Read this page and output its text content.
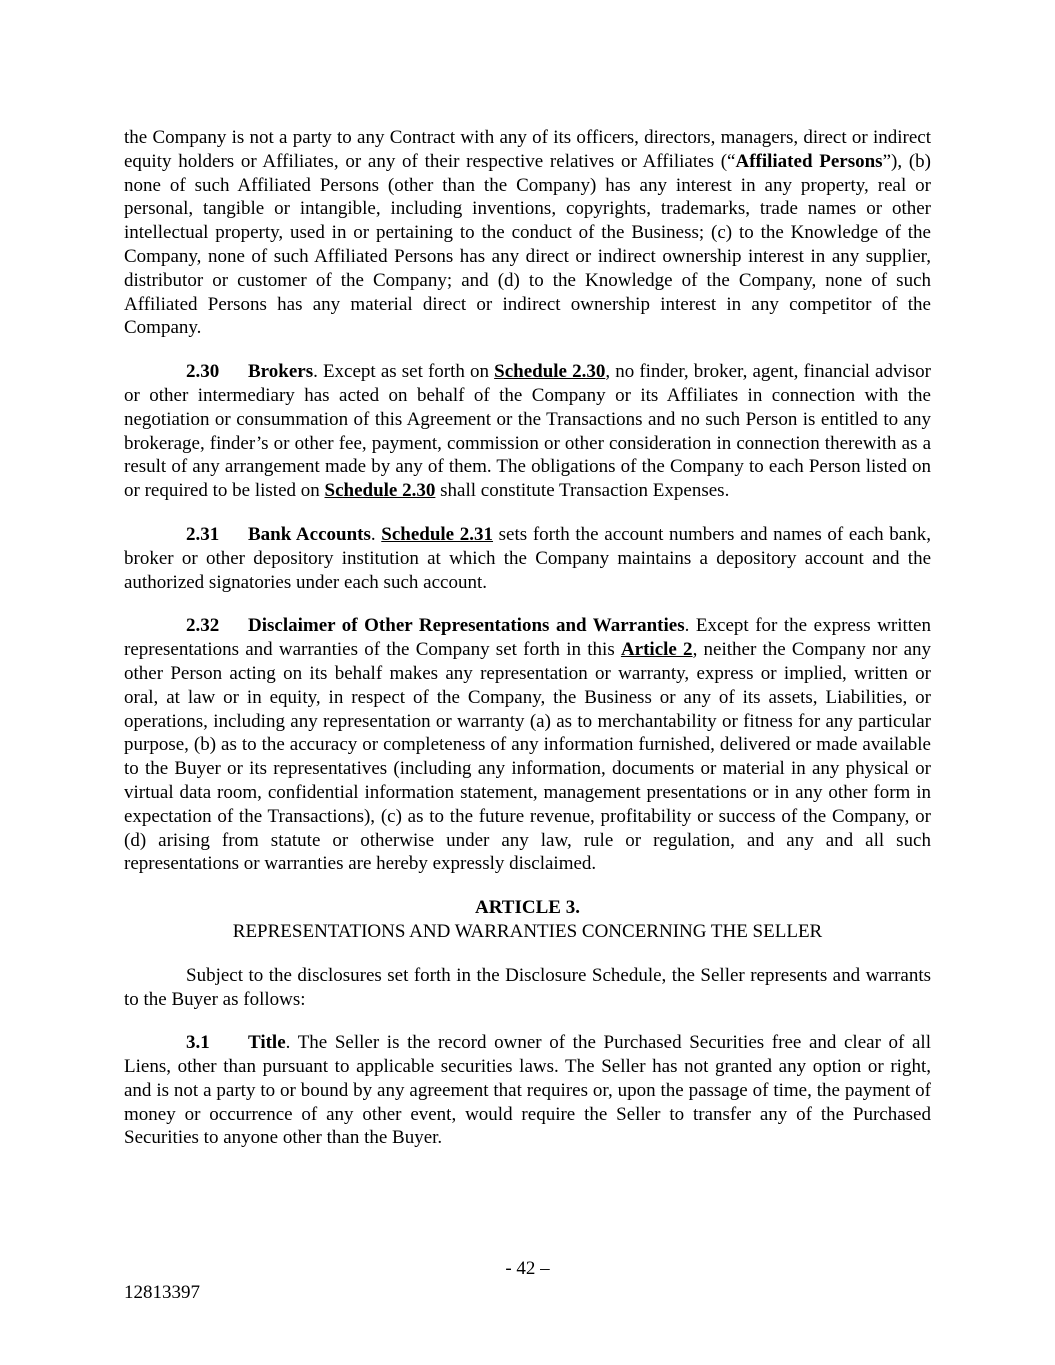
the Company is not a party to any Contract with any of its officers, directors, managers, direct or indirect equity holders or Affiliates, or any of their respective relatives or Affiliates (“Affiliated Persons”), (b) none of such Affiliated Persons (other than the Company) has any interest in any property, real or personal, tangible or intangible, including inventions, copyrights, trademarks, trade names or other intellectual property, used in or pertaining to the conduct of the Business; (c) to the Knowledge of the Company, none of such Affiliated Persons has any direct or indirect ownership interest in any supplier, distributor or customer of the Company; and (d) to the Knowledge of the Company, none of such Affiliated Persons has any material direct or indirect ownership interest in any competitor of the Company.

2.30 Brokers. Except as set forth on Schedule 2.30, no finder, broker, agent, financial advisor or other intermediary has acted on behalf of the Company or its Affiliates in connection with the negotiation or consummation of this Agreement or the Transactions and no such Person is entitled to any brokerage, finder’s or other fee, payment, commission or other consideration in connection therewith as a result of any arrangement made by any of them. The obligations of the Company to each Person listed on or required to be listed on Schedule 2.30 shall constitute Transaction Expenses.

2.31 Bank Accounts. Schedule 2.31 sets forth the account numbers and names of each bank, broker or other depository institution at which the Company maintains a depository account and the authorized signatories under each such account.

2.32 Disclaimer of Other Representations and Warranties. Except for the express written representations and warranties of the Company set forth in this Article 2, neither the Company nor any other Person acting on its behalf makes any representation or warranty, express or implied, written or oral, at law or in equity, in respect of the Company, the Business or any of its assets, Liabilities, or operations, including any representation or warranty (a) as to merchantability or fitness for any particular purpose, (b) as to the accuracy or completeness of any information furnished, delivered or made available to the Buyer or its representatives (including any information, documents or material in any physical or virtual data room, confidential information statement, management presentations or in any other form in expectation of the Transactions), (c) as to the future revenue, profitability or success of the Company, or (d) arising from statute or otherwise under any law, rule or regulation, and any and all such representations or warranties are hereby expressly disclaimed.

ARTICLE 3.
REPRESENTATIONS AND WARRANTIES CONCERNING THE SELLER

Subject to the disclosures set forth in the Disclosure Schedule, the Seller represents and warrants to the Buyer as follows:

3.1 Title. The Seller is the record owner of the Purchased Securities free and clear of all Liens, other than pursuant to applicable securities laws. The Seller has not granted any option or right, and is not a party to or bound by any agreement that requires or, upon the passage of time, the payment of money or occurrence of any other event, would require the Seller to transfer any of the Purchased Securities to anyone other than the Buyer.

- 42 –
12813397
